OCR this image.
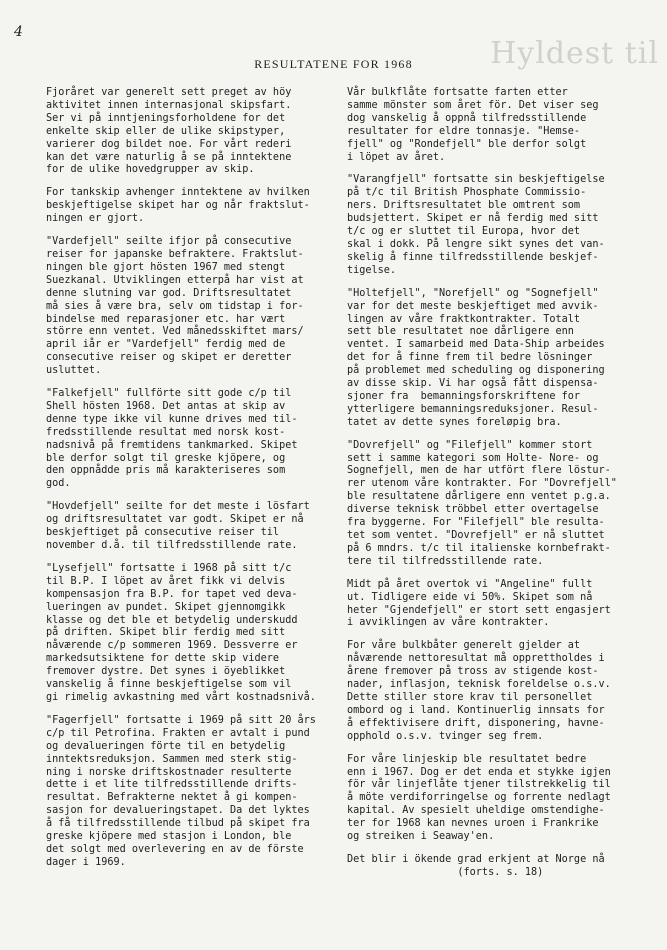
Hyldest til
4
RESULTATENE FOR 1968
Fjoråret var generelt sett preget av höy
aktivitet innen internasjonal skipsfart.
Ser vi på inntjeningsforholdene for det
enkelte skip eller de ulike skipstyper,
varierer dog bildet noe. For vårt rederi
kan det være naturlig å se på inntektene
for de ulike hovedgrupper av skip.
For tankskip avhenger inntektene av hvilken
beskjeftigelse skipet har og når fraktslut-
ningen er gjort.
"Vardefjell" seilte ifjor på consecutive
reiser for japanske befraktere. Fraktslut-
ningen ble gjort hösten 1967 med stengt
Suezkanal. Utviklingen etterpå har vist at
denne slutning var god. Driftsresultatet
må sies å være bra, selv om tidstap i for-
bindelse med reparasjoner etc. har vært
större enn ventet. Ved månedsskiftet mars/
april iår er "Vardefjell" ferdig med de
consecutive reiser og skipet er deretter
usluttet.
"Falkefjell" fullförte sitt gode c/p til
Shell hösten 1968. Det antas at skip av
denne type ikke vil kunne drives med til-
fredsstillende resultat med norsk kost-
nadsnivå på fremtidens tankmarked. Skipet
ble derfor solgt til greske kjöpere, og
den oppnådde pris må karakteriseres som
god.
"Hovdefjell" seilte for det meste i lösfart
og driftsresultatet var godt. Skipet er nå
beskjeftiget på consecutive reiser til
november d.å. til tilfredsstillende rate.
"Lysefjell" fortsatte i 1968 på sitt t/c
til B.P. I löpet av året fikk vi delvis
kompensasjon fra B.P. for tapet ved deva-
lueringen av pundet. Skipet gjennomgikk
klasse og det ble et betydelig underskudd
på driften. Skipet blir ferdig med sitt
nåværende c/p sommeren 1969. Dessverre er
markedsutsiktene for dette skip videre
fremover dystre. Det synes i öyeblikket
vanskelig å finne beskjeftigelse som vil
gi rimelig avkastning med vårt kostnadsnivå.
"Fagerfjell" fortsatte i 1969 på sitt 20 års
c/p til Petrofina. Frakten er avtalt i pund
og devalueringen förte til en betydelig
inntektsreduksjon. Sammen med sterk stig-
ning i norske driftskostnader resulterte
dette i et lite tilfredsstillende drifts-
resultat. Befrakterne nektet å gi kompen-
sasjon for devalueringstapet. Da det lyktes
å få tilfredsstillende tilbud på skipet fra
greske kjöpere med stasjon i London, ble
det solgt med overlevering en av de förste
dager i 1969.
Vår bulkflåte fortsatte farten etter
samme mönster som året för. Det viser seg
dog vanskelig å oppnå tilfredsstillende
resultater for eldre tonnasje. "Hemse-
fjell" og "Rondefjell" ble derfor solgt
i löpet av året.
"Varangfjell" fortsatte sin beskjeftigelse
på t/c til British Phosphate Commissio-
ners. Driftsresultatet ble omtrent som
budsjettert. Skipet er nå ferdig med sitt
t/c og er sluttet til Europa, hvor det
skal i dokk. På lengre sikt synes det van-
skelig å finne tilfredsstillende beskjef-
tigelse.
"Holtefjell", "Norefjell" og "Sognefjell"
var for det meste beskjeftiget med avvik-
lingen av våre fraktkontrakter. Totalt
sett ble resultatet noe dårligere enn
ventet. I samarbeid med Data-Ship arbeides
det for å finne frem til bedre lösninger
på problemet med scheduling og disponering
av disse skip. Vi har også fått dispensa-
sjoner fra  bemanningsforskriftene for
ytterligere bemanningsreduksjoner. Resul-
tatet av dette synes foreløpig bra.
"Dovrefjell" og "Filefjell" kommer stort
sett i samme kategori som Holte- Nore- og
Sognefjell, men de har utfört flere löstur-
rer utenom våre kontrakter. For "Dovrefjell"
ble resultatene dårligere enn ventet p.g.a.
diverse teknisk tröbbel etter overtagelse
fra byggerne. For "Filefjell" ble resulta-
tet som ventet. "Dovrefjell" er nå sluttet
på 6 mndrs. t/c til italienske kornbefrakt-
tere til tilfredsstillende rate.
Midt på året overtok vi "Angeline" fullt
ut. Tidligere eide vi 50%. Skipet som nå
heter "Gjendefjell" er stort sett engasjert
i avviklingen av våre kontrakter.
For våre bulkbåter generelt gjelder at
nåværende nettoresultat må opprettholdes i
årene fremover på tross av stigende kost-
nader, inflasjon, teknisk foreldelse o.s.v.
Dette stiller store krav til personellet
ombord og i land. Kontinuerlig innsats for
å effektivisere drift, disponering, havne-
opphold o.s.v. tvinger seg frem.
For våre linjeskip ble resultatet bedre
enn i 1967. Dog er det enda et stykke igjen
för vår linjeflåte tjener tilstrekkelig til
å möte verdiforringelse og forrente nedlagt
kapital. Av spesielt uheldige omstendighe-
ter for 1968 kan nevnes uroen i Frankrike
og streiken i Seaway'en.
Det blir i ökende grad erkjent at Norge nå
(forts. s. 18)
